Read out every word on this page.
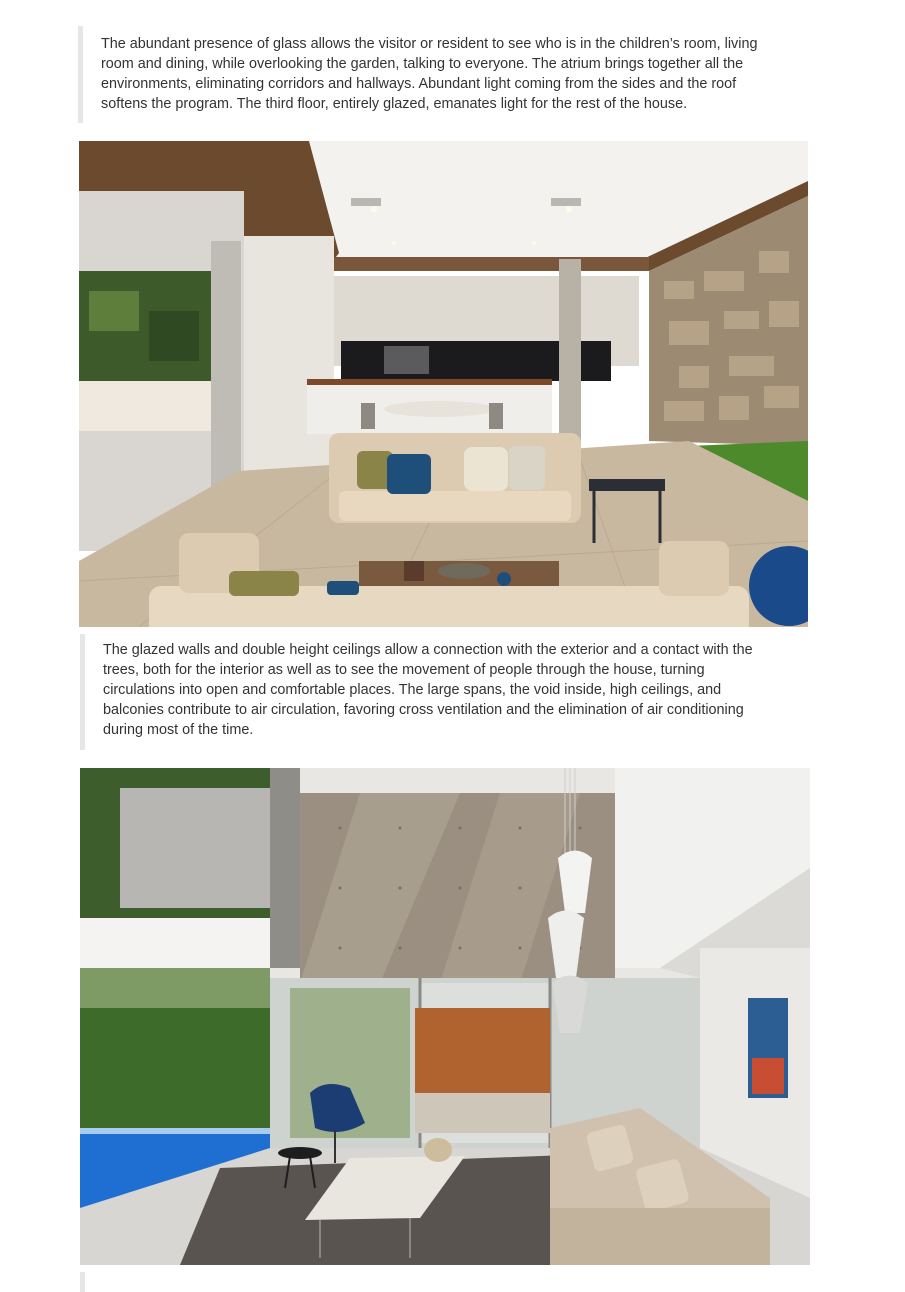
The abundant presence of glass allows the visitor or resident to see who is in the children’s room, living room and dining, while overlooking the garden, talking to everyone. The atrium brings together all the environments, eliminating corridors and hallways. Abundant light coming from the sides and the roof softens the program. The third floor, entirely glazed, emanates light for the rest of the house.

The glazed walls and double height ceilings allow a connection with the exterior and a contact with the trees, both for the interior as well as to see the movement of people through the house, turning circulations into open and comfortable places. The large spans, the void inside, high ceilings, and balconies contribute to air circulation, favoring cross ventilation and the elimination of air conditioning during most of the time.
